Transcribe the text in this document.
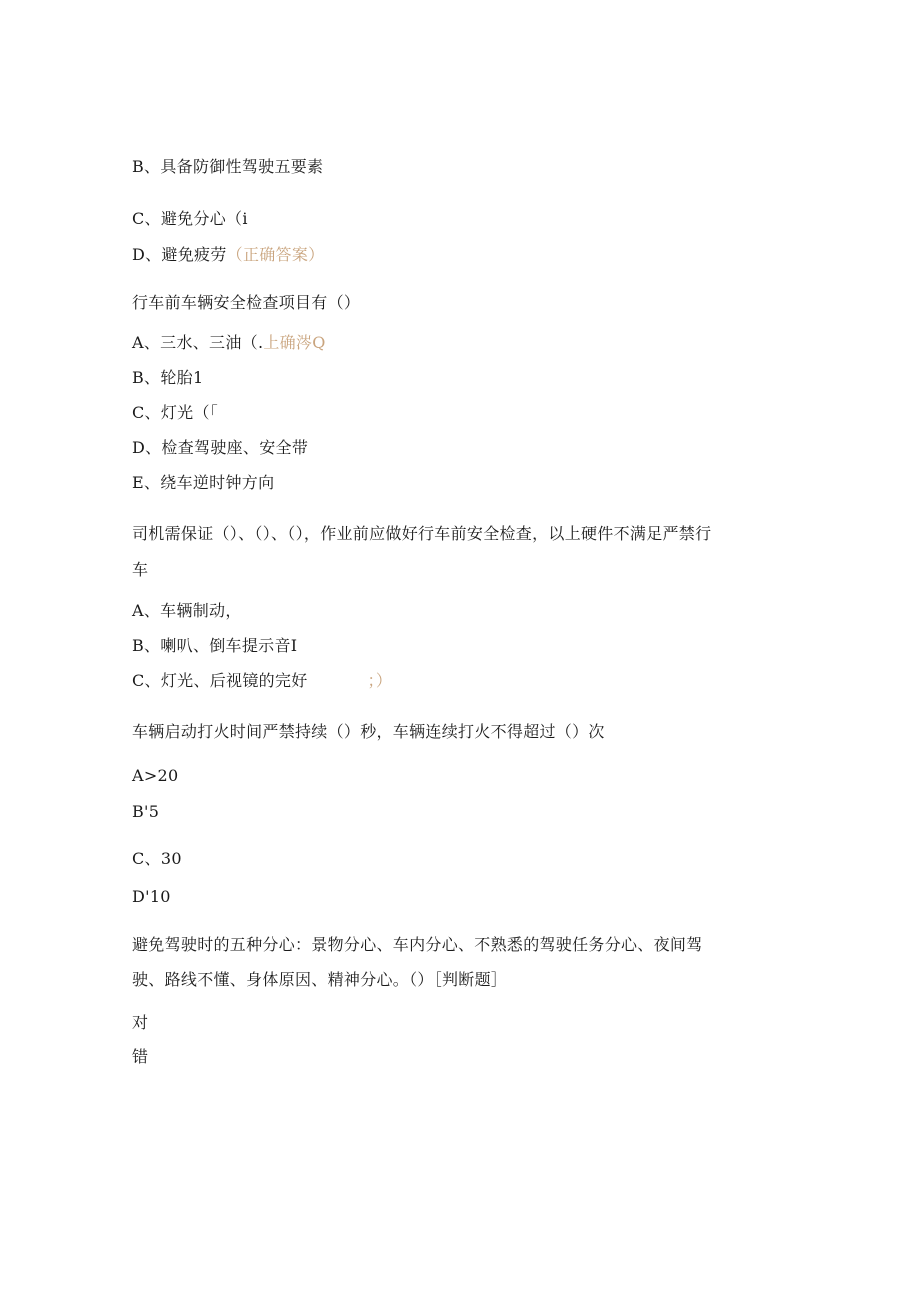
B、具备防御性驾驶五要素
C、避免分心（i
D、避免疲劳（正确答案）
行车前车辆安全检查项目有（）
A、三水、三油（.上确涔Q
B、轮胎1
C、灯光（「
D、检查驾驶座、安全带
E、绕车逆时钟方向
司机需保证（）、（）、（），作业前应做好行车前安全检查，以上硬件不满足严禁行
车
A、车辆制动，
B、喇叭、倒车提示音I
C、灯光、后视镜的完好	；）
车辆启动打火时间严禁持续（）秒，车辆连续打火不得超过（）次
A>20
B'5
C、30
D'10
避免驾驶时的五种分心：景物分心、车内分心、不熟悉的驾驶任务分心、夜间驾
驶、路线不懂、身体原因、精神分心。（）［判断题］
对
错
